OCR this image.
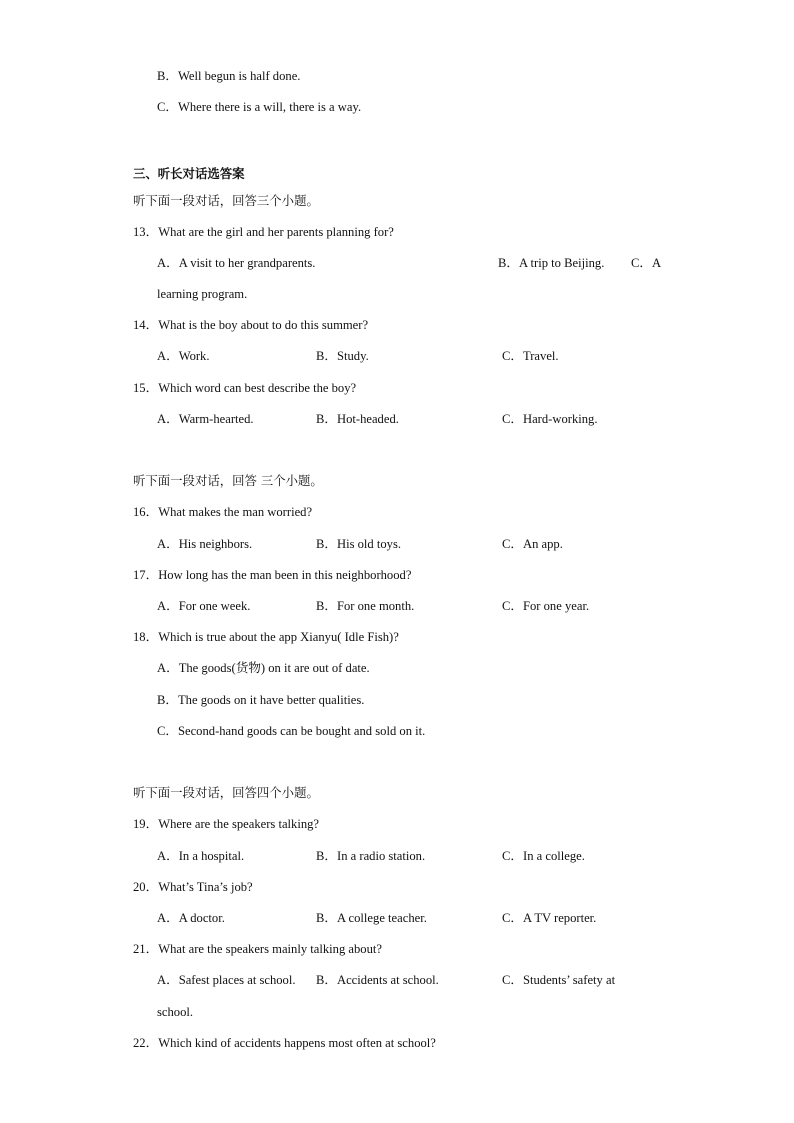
B．Well begun is half done.
C．Where there is a will, there is a way.
三、听长对话选答案
听下面一段对话，回答三个小题。
13．What are the girl and her parents planning for?
A．A visit to her grandparents.	B．A trip to Beijing. C．A
learning program.
14．What is the boy about to do this summer?
A．Work.	B．Study.	C．Travel.
15．Which word can best describe the boy?
A．Warm-hearted.	B．Hot-headed.	C．Hard-working.
听下面一段对话，回答 三个小题。
16．What makes the man worried?
A．His neighbors.	B．His old toys.	C．An app.
17．How long has the man been in this neighborhood?
A．For one week.	B．For one month.	C．For one year.
18．Which is true about the app Xianyu( Idle Fish)?
A．The goods(货物) on it are out of date.
B．The goods on it have better qualities.
C．Second-hand goods can be bought and sold on it.
听下面一段对话，回答四个小题。
19．Where are the speakers talking?
A．In a hospital.	B．In a radio station.	C．In a college.
20．What’s Tina’s job?
A．A doctor.	B．A college teacher.	C．A TV reporter.
21．What are the speakers mainly talking about?
A．Safest places at school. B．Accidents at school.	C．Students’ safety at
school.
22．Which kind of accidents happens most often at school?
